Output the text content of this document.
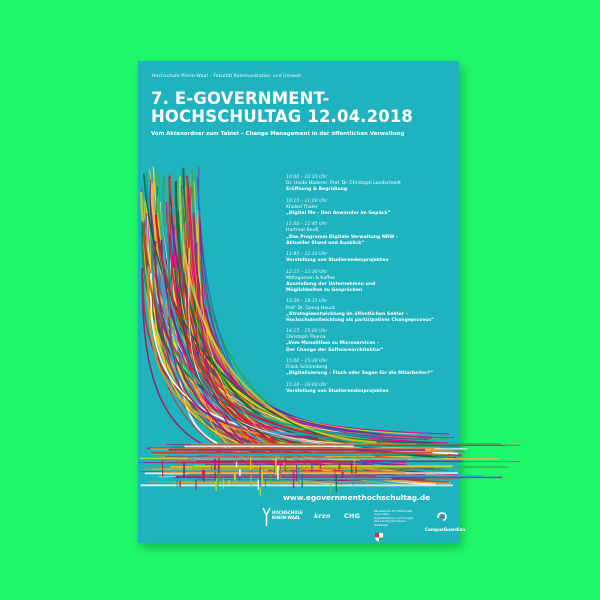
Hochschule Rhein-Waal – Fakultät Kommunikation und Umwelt
7. E-GOVERNMENT-
HOCHSCHULTAG 12.04.2018
Vom Aktenordner zum Tablet – Change Management in der öffentlichen Verwaltung
10:00 – 10:15 Uhr
Dr. Heide Naderer, Prof. Dr. Christoph Landscheidt
Eröffnung & Begrüßung
10:15 – 11:00 Uhr
Khaled Thaler
„Digital Me – Den Anwender im Gepäck“
11:00 – 11:45 Uhr
Hartmut Beuß
„Das Programm Digitale Verwaltung NRW –
Aktueller Stand und Ausblick“
11:45 – 12:15 Uhr
Vorstellung von Studierendenprojekten
12:15 – 13:30 Uhr
Mittagessen & Kaffee
Ausstellung der Unternehmen und
Möglichkeiten zu Gesprächen
13:30 – 14:15 Uhr
Prof. Dr. Georg Hauck
„Strategieentwicklung im öffentlichen Sektor –
Hochschulentwicklung als partizipativer Changeprozess“
14:15 – 15:00 Uhr
Christoph Thoma
„Vom Monolithen zu Microservices –
Der Change der Softwarearchitektur“
15:00 – 15:30 Uhr
Frank Schöneberg
„Digitalisierung – Fluch oder Segen für die Mitarbeiter?“
15:30 – 16:00 Uhr
Vorstellung von Studierendenprojekten
www.egovernmenthochschultag.de
HOCHSCHULE
RHEIN-WAAL	krzn CHG
Ministerium für Wirtschaft, Innovation,
Digitalisierung und Energie
des Landes Nordrhein-Westfalen
CampusGuardian
